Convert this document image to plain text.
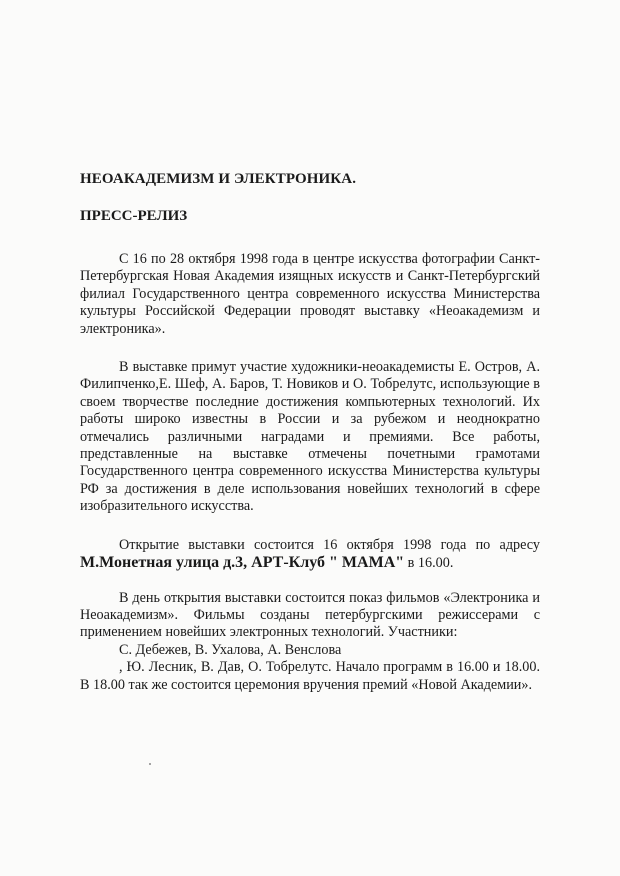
НЕОАКАДЕМИЗМ И ЭЛЕКТРОНИКА.
ПРЕСС-РЕЛИЗ

С 16 по 28 октября 1998 года в центре искусства фотографии Санкт-Петербургская Новая Академия изящных искусств и Санкт-Петербургский филиал Государственного центра современного искусства Министерства культуры Российской Федерации проводят выставку «Неоакадемизм и электроника».

В выставке примут участие художники-неоакадемисты Е. Остров, А. Филипченко,Е. Шеф, А. Баров, Т. Новиков и О. Тобрелутс, использующие в своем творчестве последние достижения компьютерных технологий. Их работы широко известны в России и за рубежом и неоднократно отмечались различными наградами и премиями. Все работы, представленные на выставке отмечены почетными грамотами Государственного центра современного искусства Министерства культуры РФ за достижения в деле использования новейших технологий в сфере изобразительного искусства.

Открытие выставки состоится 16 октября 1998 года по адресу М.Монетная улица д.3, АРТ-Клуб " МАМА" в 16.00.

В день открытия выставки состоится показ фильмов «Электроника и Неоакадемизм». Фильмы созданы петербургскими режиссерами с применением новейших электронных технологий. Участники:

С. Дебежев, В. Ухалова, А. Венслова

, Ю. Лесник, В. Дав, О. Тобрелутс. Начало программ в 16.00 и 18.00. В 18.00 так же состоится церемония вручения премий «Новой Академии».
